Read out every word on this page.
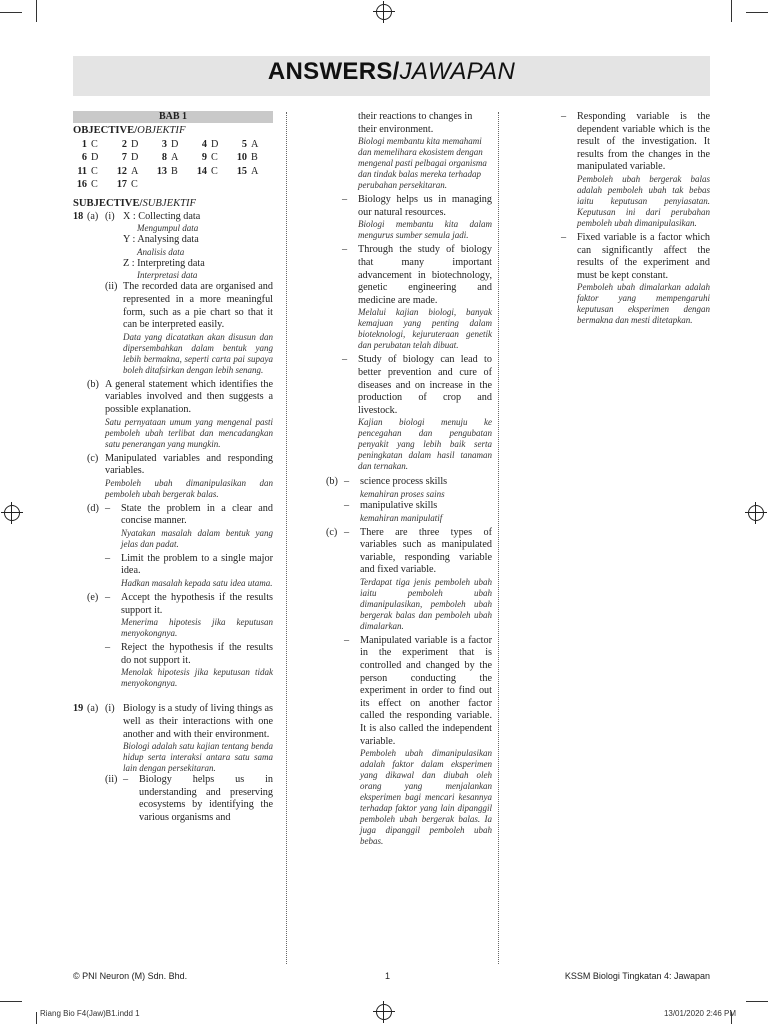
ANSWERS/JAWAPAN
BAB 1
OBJECTIVE/OBJEKTIF
1 C	2 D	3 D	4 D	5 A
6 D	7 D	8 A	9 C	10 B
11 C	12 A	13 B	14 C	15 A
16 C	17 C
SUBJECTIVE/SUBJEKTIF
18 (a) (i) X : Collecting data
Mengumpul data
Y : Analysing data
Analisis data
Z : Interpreting data
Interpretasi data
(ii) The recorded data are organised and represented in a more meaningful form, such as a pie chart so that it can be interpreted easily.
Data yang dicatatkan akan disusun dan dipersembahkan dalam bentuk yang lebih bermakna, seperti carta pai supaya boleh ditafsirkan dengan lebih senang.
(b) A general statement which identifies the variables involved and then suggests a possible explanation.
Satu pernyataan umum yang mengenal pasti pemboleh ubah terlibat dan mencadangkan satu penerangan yang mungkin.
(c) Manipulated variables and responding variables.
Pemboleh ubah dimanipulasikan dan pemboleh ubah bergerak balas.
(d) –	State the problem in a clear and concise manner.
Nyatakan masalah dalam bentuk yang jelas dan padat.
–	Limit the problem to a single major idea.
Hadkan masalah kepada satu idea utama.
(e) –	Accept the hypothesis if the results support it.
Menerima hipotesis jika keputusan menyokongnya.
–	Reject the hypothesis if the results do not support it.
Menolak hipotesis jika keputusan tidak menyokongnya.
19 (a) (i) Biology is a study of living things as well as their interactions with one another and with their environment.
Biologi adalah satu kajian tentang benda hidup serta interaksi antara satu sama lain dengan persekitaran.
(ii) –	Biology helps us in understanding and preserving ecosystems by identifying the various organisms and
their reactions to changes in their environment.
Biologi membantu kita memahami dan memelihara ekosistem dengan mengenal pasti pelbagai organisma dan tindak balas mereka terhadap perubahan persekitaran.
–	Biology helps us in managing our natural resources.
Biologi membantu kita dalam mengurus sumber semula jadi.
–	Through the study of biology that many important advancement in biotechnology, genetic engineering and medicine are made.
Melalui kajian biologi, banyak kemajuan yang penting dalam bioteknologi, kejuruteraan genetik dan perubatan telah dibuat.
–	Study of biology can lead to better prevention and cure of diseases and on increase in the production of crop and livestock.
Kajian biologi menuju ke pencegahan dan pengubatan penyakit yang lebih baik serta peningkatan dalam hasil tanaman dan ternakan.
(b) –	science process skills
kemahiran proses sains
–	manipulative skills
kemahiran manipulatif
(c) –	There are three types of variables such as manipulated variable, responding variable and fixed variable.
Terdapat tiga jenis pemboleh ubah iaitu pemboleh ubah dimanipulasikan, pemboleh ubah bergerak balas dan pemboleh ubah dimalarkan.
–	Manipulated variable is a factor in the experiment that is controlled and changed by the person conducting the experiment in order to find out its effect on another factor called the responding variable. It is also called the independent variable.
Pemboleh ubah dimanipulasikan adalah faktor dalam eksperimen yang dikawal dan diubah oleh orang yang menjalankan eksperimen bagi mencari kesannya terhadap faktor yang lain dipanggil pemboleh ubah bergerak balas. Ia juga dipanggil pemboleh ubah bebas.
–	Responding variable is the dependent variable which is the result of the investigation. It results from the changes in the manipulated variable.
Pemboleh ubah bergerak balas adalah pemboleh ubah tak bebas iaitu keputusan penyiasatan. Keputusan ini dari perubahan pemboleh ubah dimanipulasikan.
–	Fixed variable is a factor which can significantly affect the results of the experiment and must be kept constant.
Pemboleh ubah dimalarkan adalah faktor yang mempengaruhi keputusan eksperimen dengan bermakna dan mesti ditetapkan.
© PNI Neuron (M) Sdn. Bhd.	1	KSSM Biologi Tingkatan 4: Jawapan
Riang Bio F4(Jaw)B1.indd 1	13/01/2020 2:46 PM
